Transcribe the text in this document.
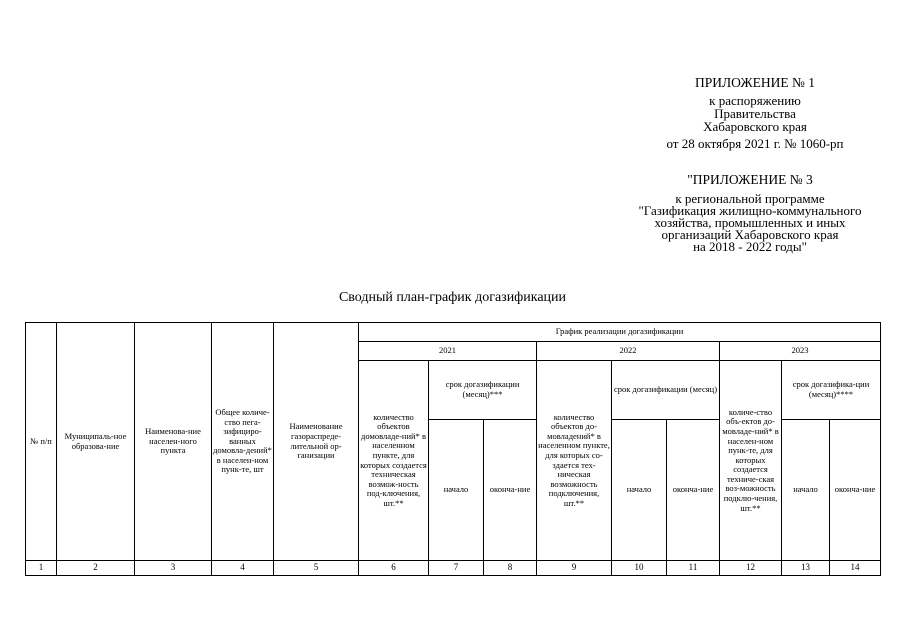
ПРИЛОЖЕНИЕ № 1
к распоряжению
Правительства
Хабаровского края
от 28 октября 2021 г. № 1060-рп
"ПРИЛОЖЕНИЕ № 3
к региональной программе
"Газификация жилищно-коммунального
хозяйства, промышленных и иных
организаций Хабаровского края
на 2018 - 2022 годы"
Сводный план-график догазификации
№ п/п	Муниципаль-ное образова-ние	Наименова-ние населен-ного пункта	Общее количе-ство пега-зифициро-ванных домовла-дений* в населен-ном пунк-те, шт	Наименование газораспреде-лительной ор-ганизации	График реализации догазификации								
					2021			2022			2023		
					количество объектов домовладе-ний* в населенном пункте, для которых создается техническая возмож-ность под-ключения, шт.**	срок догазификации (месяц)***		количество объектов до-мовладений* в населенном пункте, для которых со-здается тех-ническая возможность подключения, шт.**	срок догазификации (месяц)		количе-ство объ-ектов до-мовладе-ний* в населен-ном пунк-те, для которых создается техниче-ская воз-можность подклю-чения, шт.**	срок догазифика-ции (месяц)****	
						начало	оконча-ние		начало	оконча-ние		начало	оконча-ние
1	2	3	4	5	6	7	8	9	10	11	12	13	14
